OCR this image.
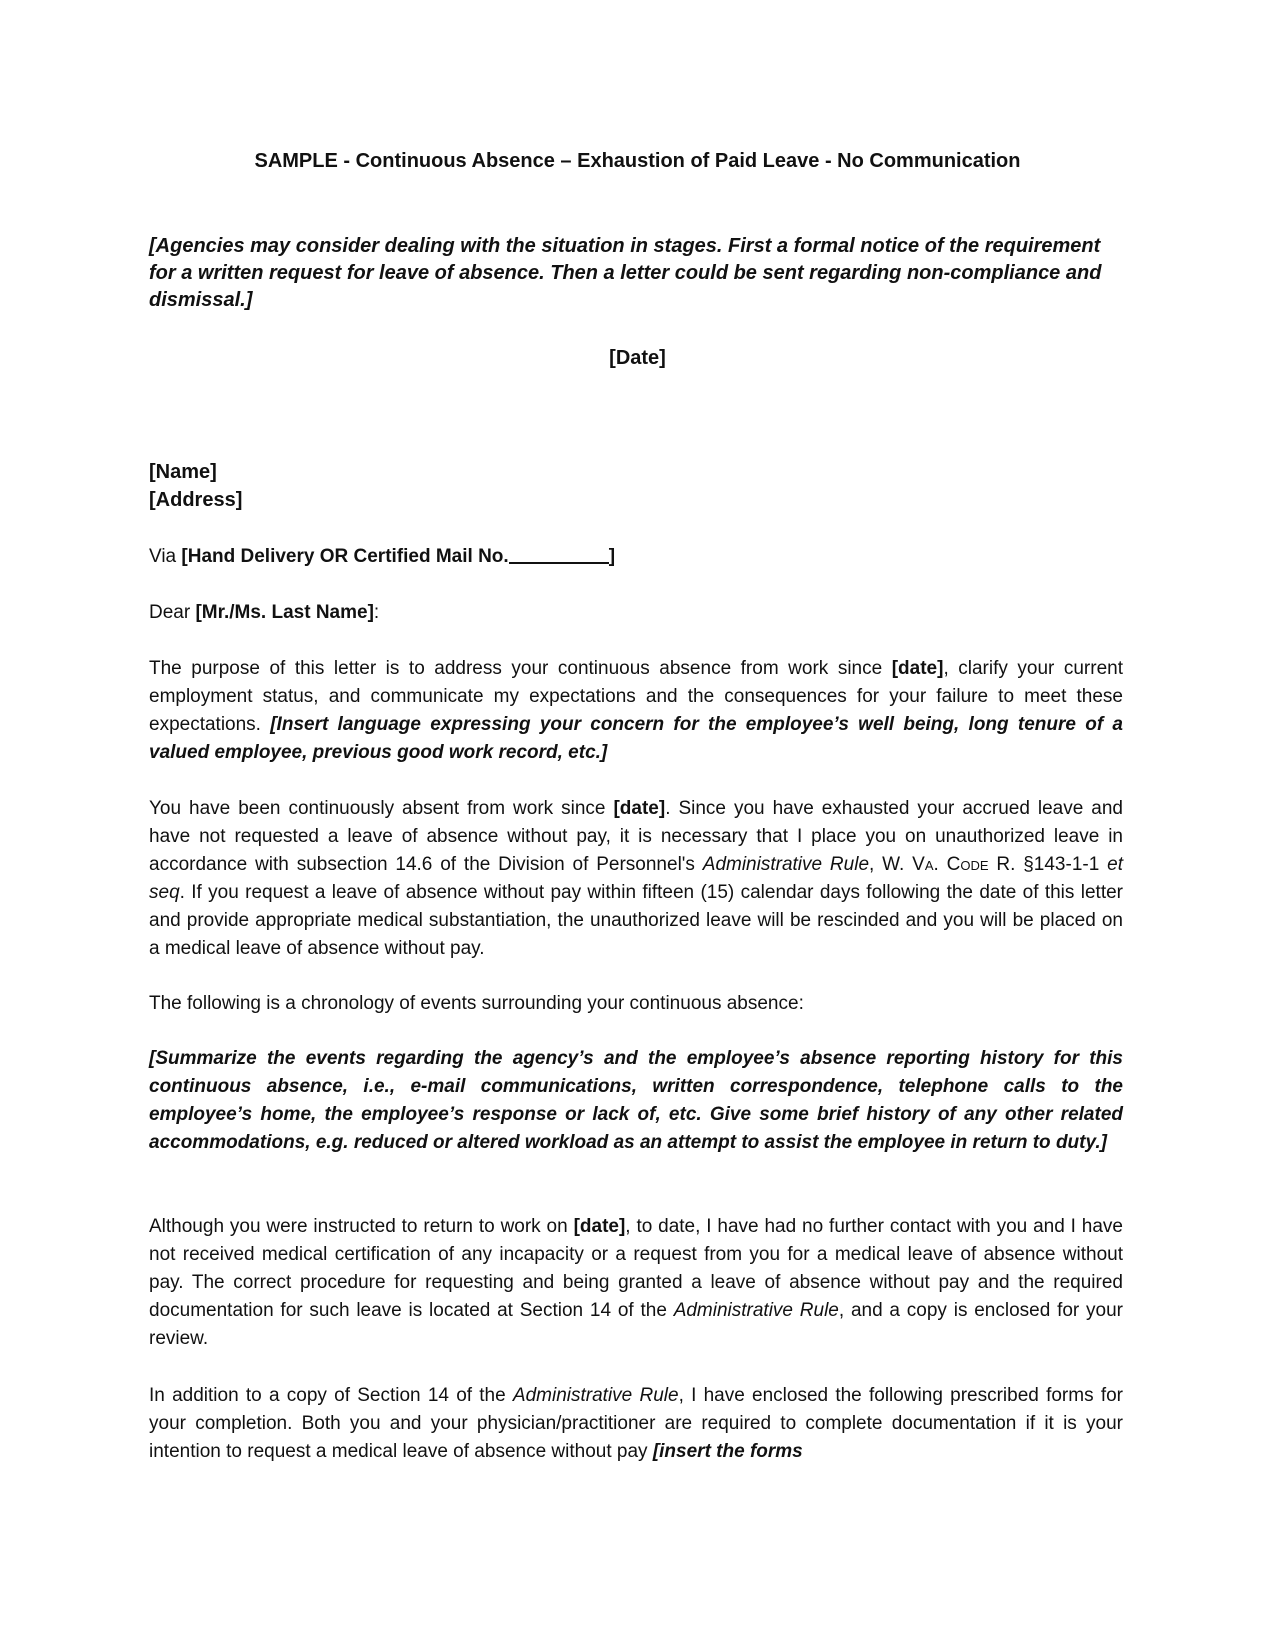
SAMPLE - Continuous Absence – Exhaustion of Paid Leave - No Communication
[Agencies may consider dealing with the situation in stages. First a formal notice of the requirement for a written request for leave of absence. Then a letter could be sent regarding non-compliance and dismissal.]
[Date]
[Name]
[Address]
Via [Hand Delivery OR Certified Mail No.	]
Dear [Mr./Ms. Last Name]:
The purpose of this letter is to address your continuous absence from work since [date], clarify your current employment status, and communicate my expectations and the consequences for your failure to meet these expectations. [Insert language expressing your concern for the employee’s well being, long tenure of a valued employee, previous good work record, etc.]
You have been continuously absent from work since [date]. Since you have exhausted your accrued leave and have not requested a leave of absence without pay, it is necessary that I place you on unauthorized leave in accordance with subsection 14.6 of the Division of Personnel's Administrative Rule, W. Va. Code R. §143-1-1 et seq. If you request a leave of absence without pay within fifteen (15) calendar days following the date of this letter and provide appropriate medical substantiation, the unauthorized leave will be rescinded and you will be placed on a medical leave of absence without pay.
The following is a chronology of events surrounding your continuous absence:
[Summarize the events regarding the agency’s and the employee’s absence reporting history for this continuous absence, i.e., e-mail communications, written correspondence, telephone calls to the employee’s home, the employee’s response or lack of, etc. Give some brief history of any other related accommodations, e.g. reduced or altered workload as an attempt to assist the employee in return to duty.]
Although you were instructed to return to work on [date], to date, I have had no further contact with you and I have not received medical certification of any incapacity or a request from you for a medical leave of absence without pay. The correct procedure for requesting and being granted a leave of absence without pay and the required documentation for such leave is located at Section 14 of the Administrative Rule, and a copy is enclosed for your review.
In addition to a copy of Section 14 of the Administrative Rule, I have enclosed the following prescribed forms for your completion. Both you and your physician/practitioner are required to complete documentation if it is your intention to request a medical leave of absence without pay [insert the forms
